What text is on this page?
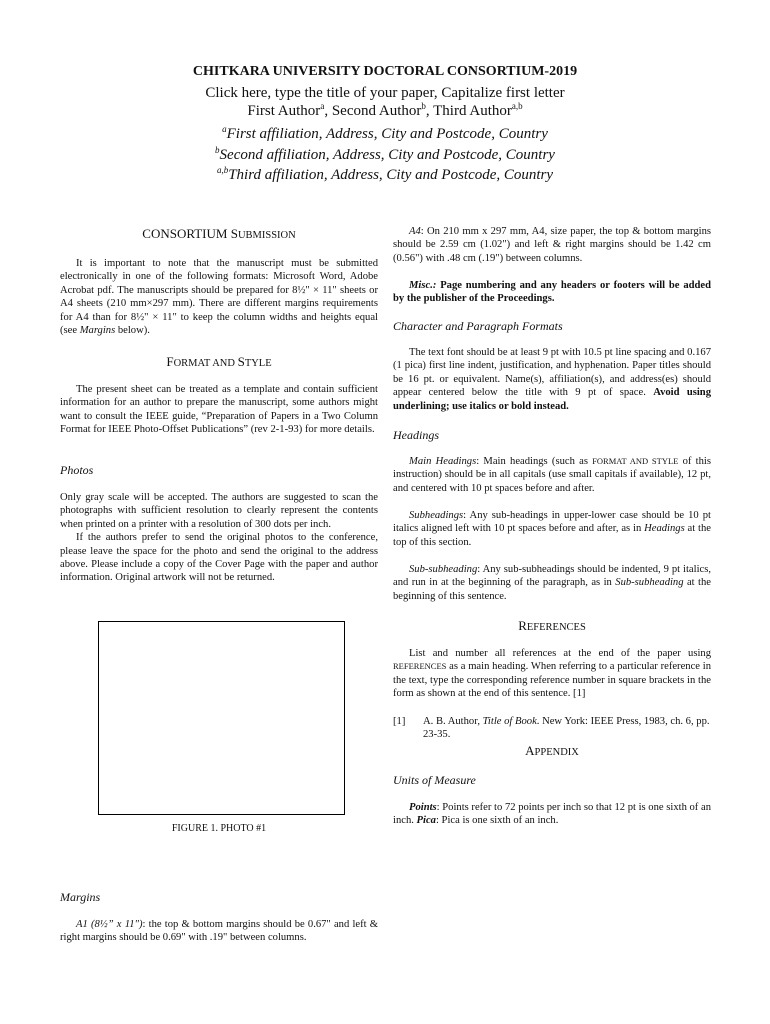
CHITKARA UNIVERSITY DOCTORAL CONSORTIUM-2019
Click here, type the title of your paper, Capitalize first letter
First Author$^a$, Second Author$^b$, Third Author$^{a,b}$
$^a$First affiliation, Address, City and Postcode, Country
$^b$Second affiliation, Address, City and Postcode, Country
$^{a,b}$Third affiliation, Address, City and Postcode, Country
CONSORTIUM SUBMISSION

It is important to note that the manuscript must be submitted electronically in one of the following formats: Microsoft Word, Adobe Acrobat pdf. The manuscripts should be prepared for 8½" × 11" sheets or A4 sheets (210 mm×297 mm). There are different margins requirements for A4 than for 8½" × 11" to keep the column widths and heights equal (see Margins below).

FORMAT AND STYLE

The present sheet can be treated as a template and contain sufficient information for an author to prepare the manuscript, some authors might want to consult the IEEE guide, “Preparation of Papers in a Two Column Format for IEEE Photo-Offset Publications” (rev 2-1-93) for more details.

Photos

Only gray scale will be accepted. The authors are suggested to scan the photographs with sufficient resolution to clearly represent the contents when printed on a printer with a resolution of 300 dots per inch.

If the authors prefer to send the original photos to the conference, please leave the space for the photo and send the original to the address above. Please include a copy of the Cover Page with the paper and author information. Original artwork will not be returned.

FIGURE 1. PHOTO #1
Margins

A1 (8½” x 11"): the top & bottom margins should be 0.67" and left & right margins should be 0.69" with .19" between columns.

A4: On 210 mm x 297 mm, A4, size paper, the top & bottom margins should be 2.59 cm (1.02") and left & right margins should be 1.42 cm (0.56") with .48 cm (.19") between columns.

Misc.: Page numbering and any headers or footers will be added by the publisher of the Proceedings.

Character and Paragraph Formats

The text font should be at least 9 pt with 10.5 pt line spacing and 0.167 (1 pica) first line indent, justification, and hyphenation. Paper titles should be 16 pt. or equivalent. Name(s), affiliation(s), and address(es) should appear centered below the title with 9 pt of space. Avoid using underlining; use italics or bold instead.

Headings

Main Headings: Main headings (such as FORMAT AND STYLE of this instruction) should be in all capitals (use small capitals if available), 12 pt, and centered with 10 pt spaces before and after.

Subheadings: Any sub-headings in upper-lower case should be 10 pt italics aligned left with 10 pt spaces before and after, as in Headings at the top of this section.

Sub-subheading: Any sub-subheadings should be indented, 9 pt italics, and run in at the beginning of the paragraph, as in Sub-subheading at the beginning of this sentence.

REFERENCES

List and number all references at the end of the paper using REFERENCES as a main heading. When referring to a particular reference in the text, type the corresponding reference number in square brackets in the form as shown at the end of this sentence. [1]

[1] A. B. Author, Title of Book. New York: IEEE Press, 1983, ch. 6, pp. 23-35.
APPENDIX
Units of Measure

Points: Points refer to 72 points per inch so that 12 pt is one sixth of an inch. Pica: Pica is one sixth of an inch.
